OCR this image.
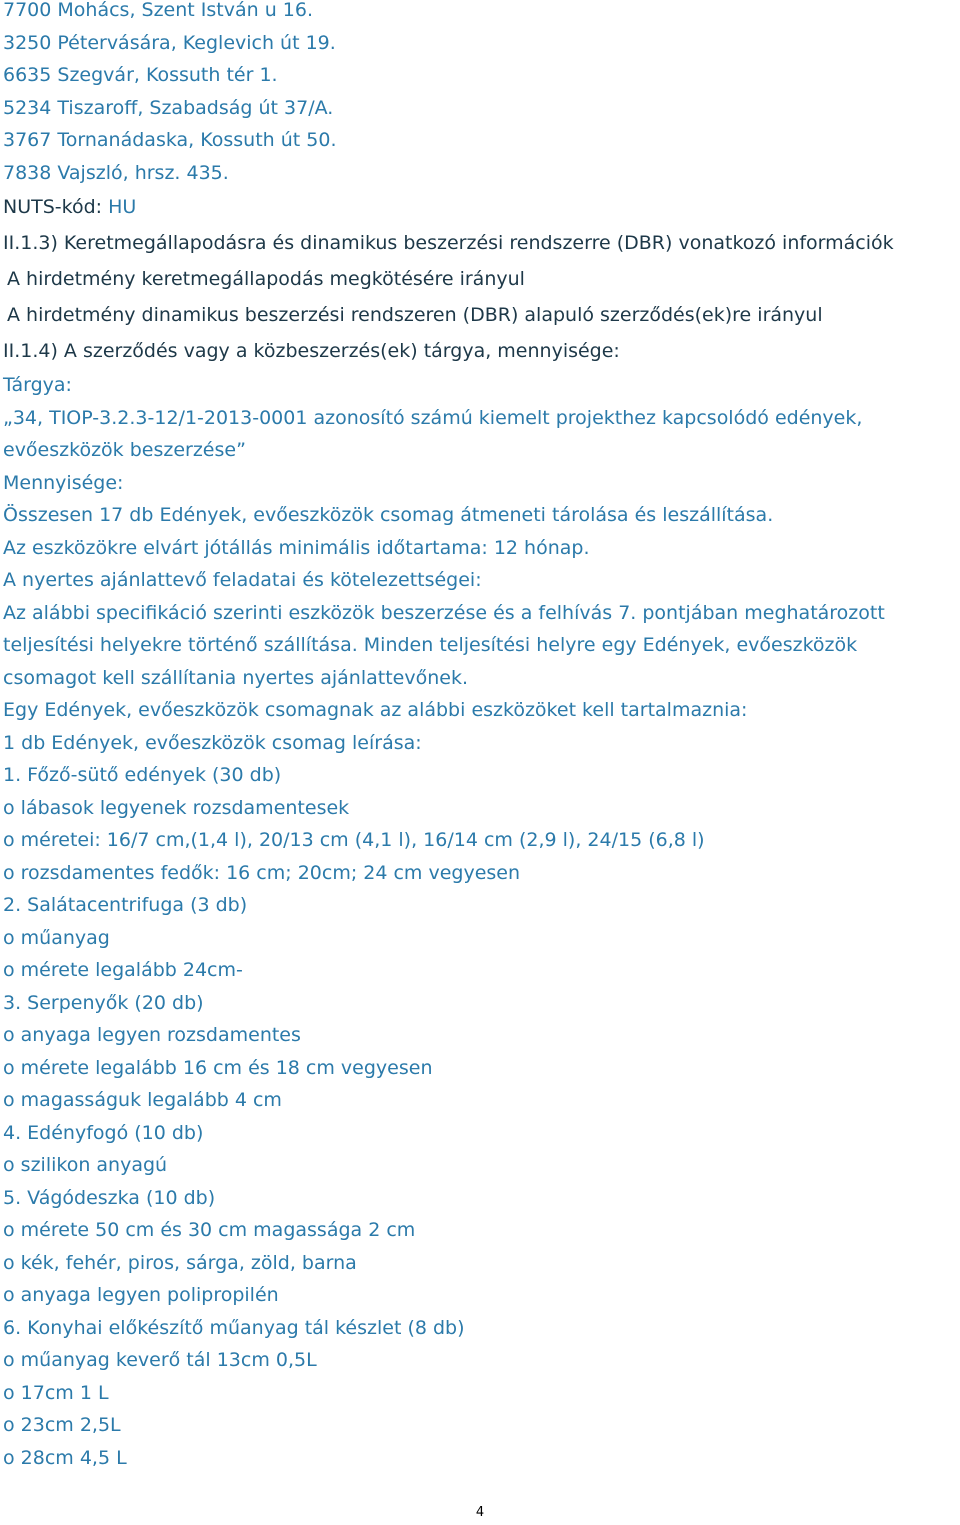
7700 Mohács, Szent István u 16.
3250 Pétervására, Keglevich út 19.
6635 Szegvár, Kossuth tér 1.
5234 Tiszaroff, Szabadság út 37/A.
3767 Tornanádaska, Kossuth út 50.
7838 Vajszló, hrsz. 435.
NUTS-kód: HU
II.1.3) Keretmegállapodásra és dinamikus beszerzési rendszerre (DBR) vonatkozó információk
A hirdetmény keretmegállapodás megkötésére irányul
A hirdetmény dinamikus beszerzési rendszeren (DBR) alapuló szerződés(ek)re irányul
II.1.4) A szerződés vagy a közbeszerzés(ek) tárgya, mennyisége:
Tárgya:
„34, TIOP-3.2.3-12/1-2013-0001 azonosító számú kiemelt projekthez kapcsolódó edények,
evőeszközök beszerzése”
Mennyisége:
Összesen 17 db Edények, evőeszközök csomag átmeneti tárolása és leszállítása.
Az eszközökre elvárt jótállás minimális időtartama: 12 hónap.
A nyertes ajánlattevő feladatai és kötelezettségei:
Az alábbi specifikáció szerinti eszközök beszerzése és a felhívás 7. pontjában meghatározott
teljesítési helyekre történő szállítása. Minden teljesítési helyre egy Edények, evőeszközök
csomagot kell szállítania nyertes ajánlattevőnek.
Egy Edények, evőeszközök csomagnak az alábbi eszközöket kell tartalmaznia:
1 db Edények, evőeszközök csomag leírása:
1. Főző-sütő edények (30 db)
o lábasok legyenek rozsdamentesek
o méretei: 16/7 cm,(1,4 l), 20/13 cm (4,1 l), 16/14 cm (2,9 l), 24/15 (6,8 l)
o rozsdamentes fedők: 16 cm; 20cm; 24 cm vegyesen
2. Salátacentrifuga (3 db)
o műanyag
o mérete legalább 24cm-
3. Serpenyők (20 db)
o anyaga legyen rozsdamentes
o mérete legalább 16 cm és 18 cm vegyesen
o magasságuk legalább 4 cm
4. Edényfogó (10 db)
o szilikon anyagú
5. Vágódeszka (10 db)
o mérete 50 cm és 30 cm magassága 2 cm
o kék, fehér, piros, sárga, zöld, barna
o anyaga legyen polipropilén
6. Konyhai előkészítő műanyag tál készlet (8 db)
o műanyag keverő tál 13cm 0,5L
o 17cm 1 L
o 23cm 2,5L
o 28cm 4,5 L
4
